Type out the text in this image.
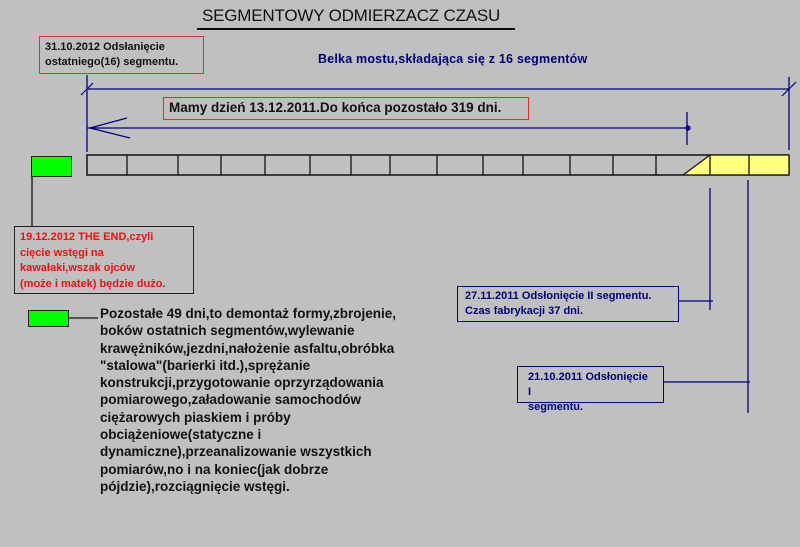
SEGMENTOWY ODMIERZACZ CZASU
31.10.2012 Odsłanięcie
ostatniego(16) segmentu.	Belka mostu,składająca się z 16 segmentów
Mamy dzień 13.12.2011.Do końca pozostało 319 dni.
19.12.2012 THE END,czyli
cięcie wstęgi na
kawałaki,wszak ojców
(może i matek) będzie dużo.
Pozostałe 49 dni,to demontaż formy,zbrojenie,
boków ostatnich segmentów,wylewanie
krawężników,jezdni,nałożenie asfaltu,obróbka
"stalowa"(barierki itd.),sprężanie
konstrukcji,przygotowanie oprzyrządowania
pomiarowego,załadowanie samochodów
ciężarowych piaskiem i próby
obciążeniowe(statyczne i
dynamiczne),przeanalizowanie wszystkich
pomiarów,no i na koniec(jak dobrze
pójdzie),rozciągnięcie wstęgi.
27.11.2011 Odsłonięcie II segmentu.
Czas fabrykacji 37 dni.
21.10.2011 Odsłonięcie I
segmentu.
